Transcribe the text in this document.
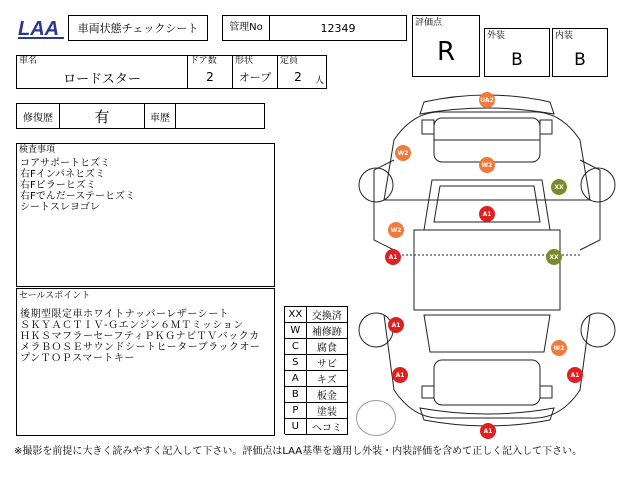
LAA	車両状態チェックシート	管理No	12349	評価点
R
外装
B
内装
B
車名
ロードスター
ドア数
2
形状
オープ
定員
2	人
修復歴	有	車歴
検査事項
コアサポートヒズミ
右Fインパネヒズミ
右Fピラーヒズミ
右Fでんだーステーヒズミ
シートスレヨゴレ
セールスポイント
後期型限定車ホワイトナッパーレザーシート
ＳＫＹＡＣＴＩＶ-Ｇエンジン６ＭＴミッション
ＨＫＳマフラーセーフティＰＫＧナビＴＶバックカ
メラＢＯＳＥサウンドシートヒーターブラックオー
プンＴＯＰスマートキー
XX 交換済
W	補修跡
C	腐食
S	サビ
A	キズ
B	板金
P	塗装
U	ヘコミ
UA2
W2
W2
XX
A1
W2
A1	XX
A1
W2
A1	A1
A1
※撮影を前提に大きく読みやすく記入して下さい。評価点はLAA基準を適用し外装・内装評価を含めて正しく記入して下さい。
